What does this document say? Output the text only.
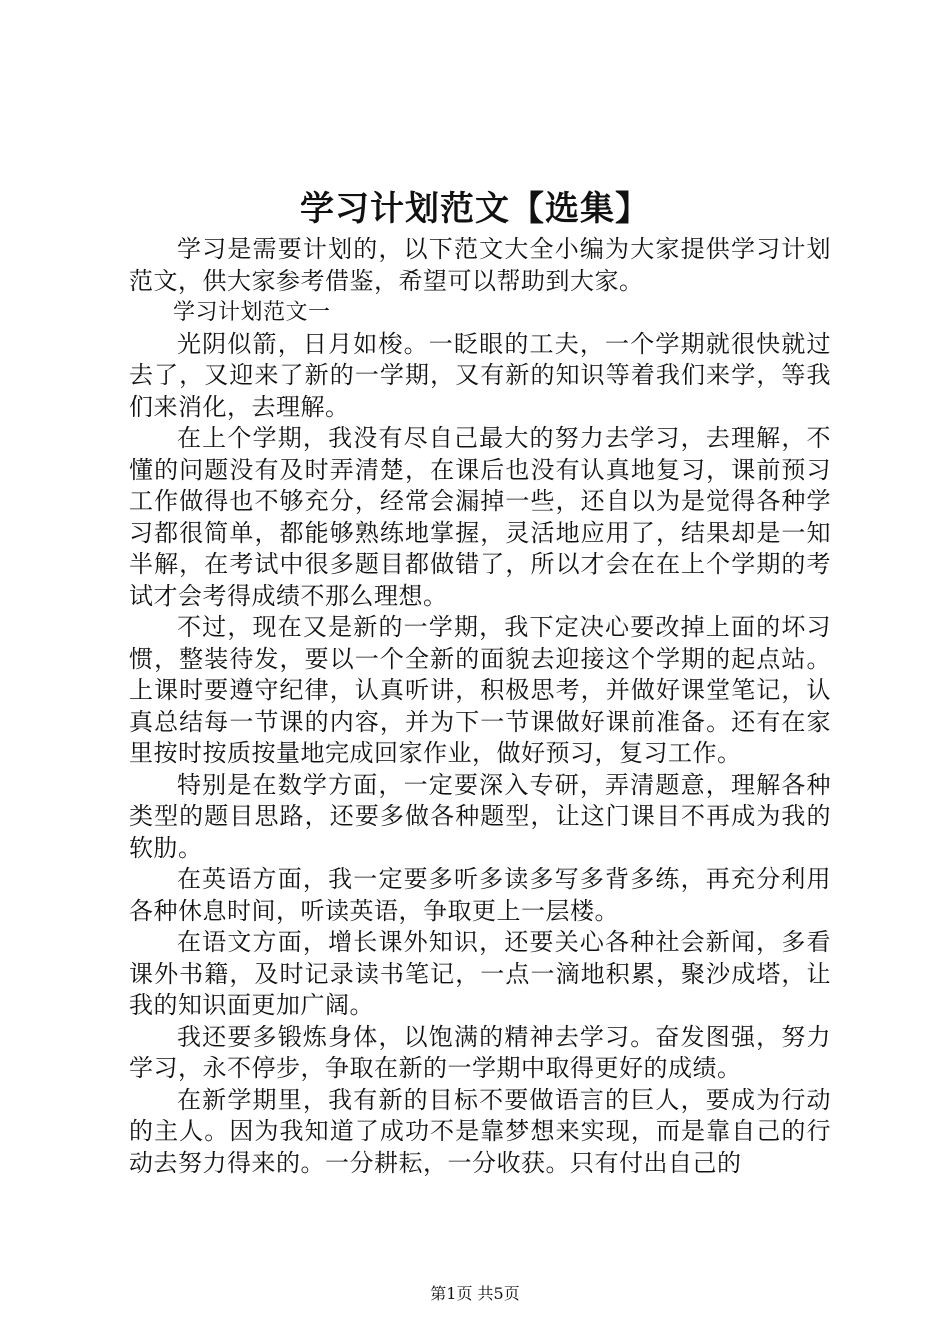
学习计划范文【选集】

学习是需要计划的，以下范文大全小编为大家提供学习计划范文，供大家参考借鉴，希望可以帮助到大家。

学习计划范文一

光阴似箭，日月如梭。一眨眼的工夫，一个学期就很快就过去了，又迎来了新的一学期，又有新的知识等着我们来学，等我们来消化，去理解。

在上个学期，我没有尽自己最大的努力去学习，去理解，不懂的问题没有及时弄清楚，在课后也没有认真地复习，课前预习工作做得也不够充分，经常会漏掉一些，还自以为是觉得各种学习都很简单，都能够熟练地掌握，灵活地应用了，结果却是一知半解，在考试中很多题目都做错了，所以才会在在上个学期的考试才会考得成绩不那么理想。

不过，现在又是新的一学期，我下定决心要改掉上面的坏习惯，整装待发，要以一个全新的面貌去迎接这个学期的起点站。上课时要遵守纪律，认真听讲，积极思考，并做好课堂笔记，认真总结每一节课的内容，并为下一节课做好课前准备。还有在家里按时按质按量地完成回家作业，做好预习，复习工作。

特别是在数学方面，一定要深入专研，弄清题意，理解各种类型的题目思路，还要多做各种题型，让这门课目不再成为我的软肋。

在英语方面，我一定要多听多读多写多背多练，再充分利用各种休息时间，听读英语，争取更上一层楼。

在语文方面，增长课外知识，还要关心各种社会新闻，多看课外书籍，及时记录读书笔记，一点一滴地积累，聚沙成塔，让我的知识面更加广阔。

我还要多锻炼身体，以饱满的精神去学习。奋发图强，努力学习，永不停步，争取在新的一学期中取得更好的成绩。

在新学期里，我有新的目标不要做语言的巨人，要成为行动的主人。因为我知道了成功不是靠梦想来实现，而是靠自己的行动去努力得来的。一分耕耘，一分收获。只有付出自己的

第1页 共5页
